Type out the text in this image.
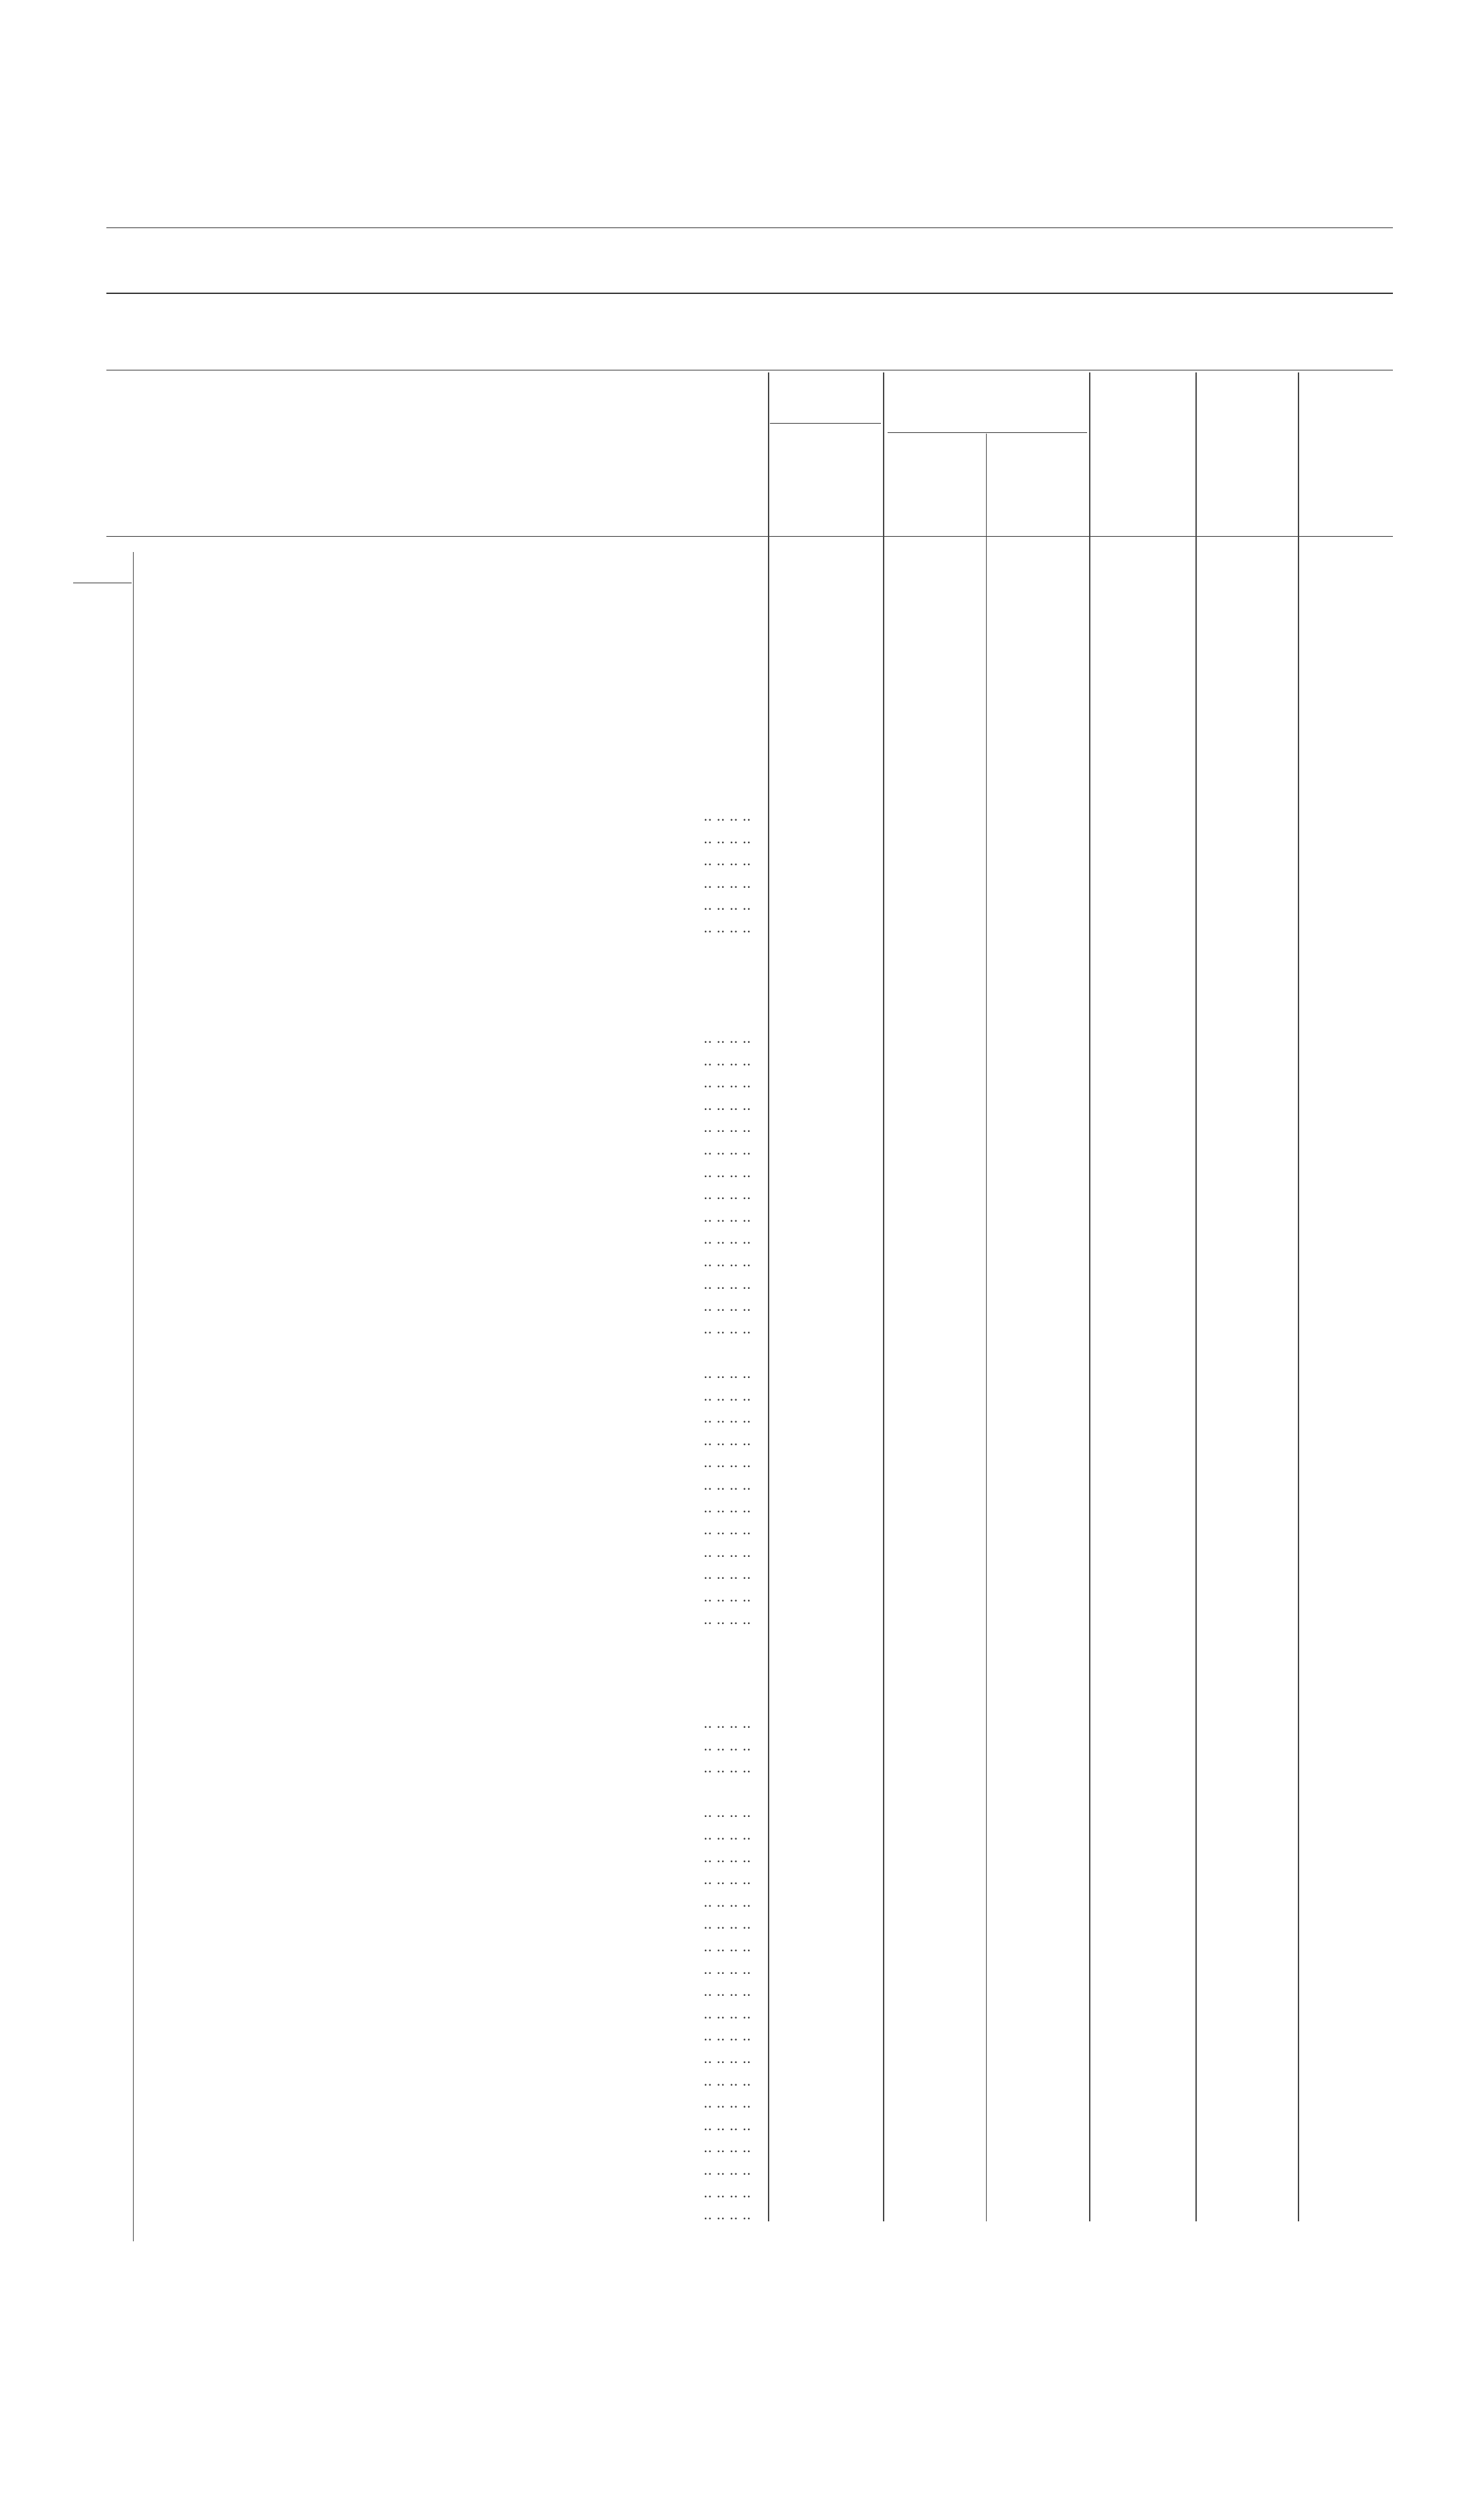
.. .. .. ..
.. .. .. ..
.. .. .. ..
.. .. .. ..
.. .. .. ..
.. .. .. ..
.. .. .. ..
.. .. .. ..
.. .. .. ..
.. .. .. ..
.. .. .. ..
.. .. .. ..
.. .. .. ..
.. .. .. ..
.. .. .. ..
.. .. .. ..
.. .. .. ..
.. .. .. ..
.. .. .. ..
.. .. .. ..
.. .. .. ..
.. .. .. ..
.. .. .. ..
.. .. .. ..
.. .. .. ..
.. .. .. ..
.. .. .. ..
.. .. .. ..
.. .. .. ..
.. .. .. ..
.. .. .. ..
.. .. .. ..
.. .. .. ..
.. .. .. ..
.. .. .. ..
.. .. .. ..
.. .. .. ..
.. .. .. ..
.. .. .. ..
.. .. .. ..
.. .. .. ..
.. .. .. ..
.. .. .. ..
.. .. .. ..
.. .. .. ..
.. .. .. ..
.. .. .. ..
.. .. .. ..
.. .. .. ..
.. .. .. ..
.. .. .. ..
.. .. .. ..
.. .. .. ..
.. .. .. ..
